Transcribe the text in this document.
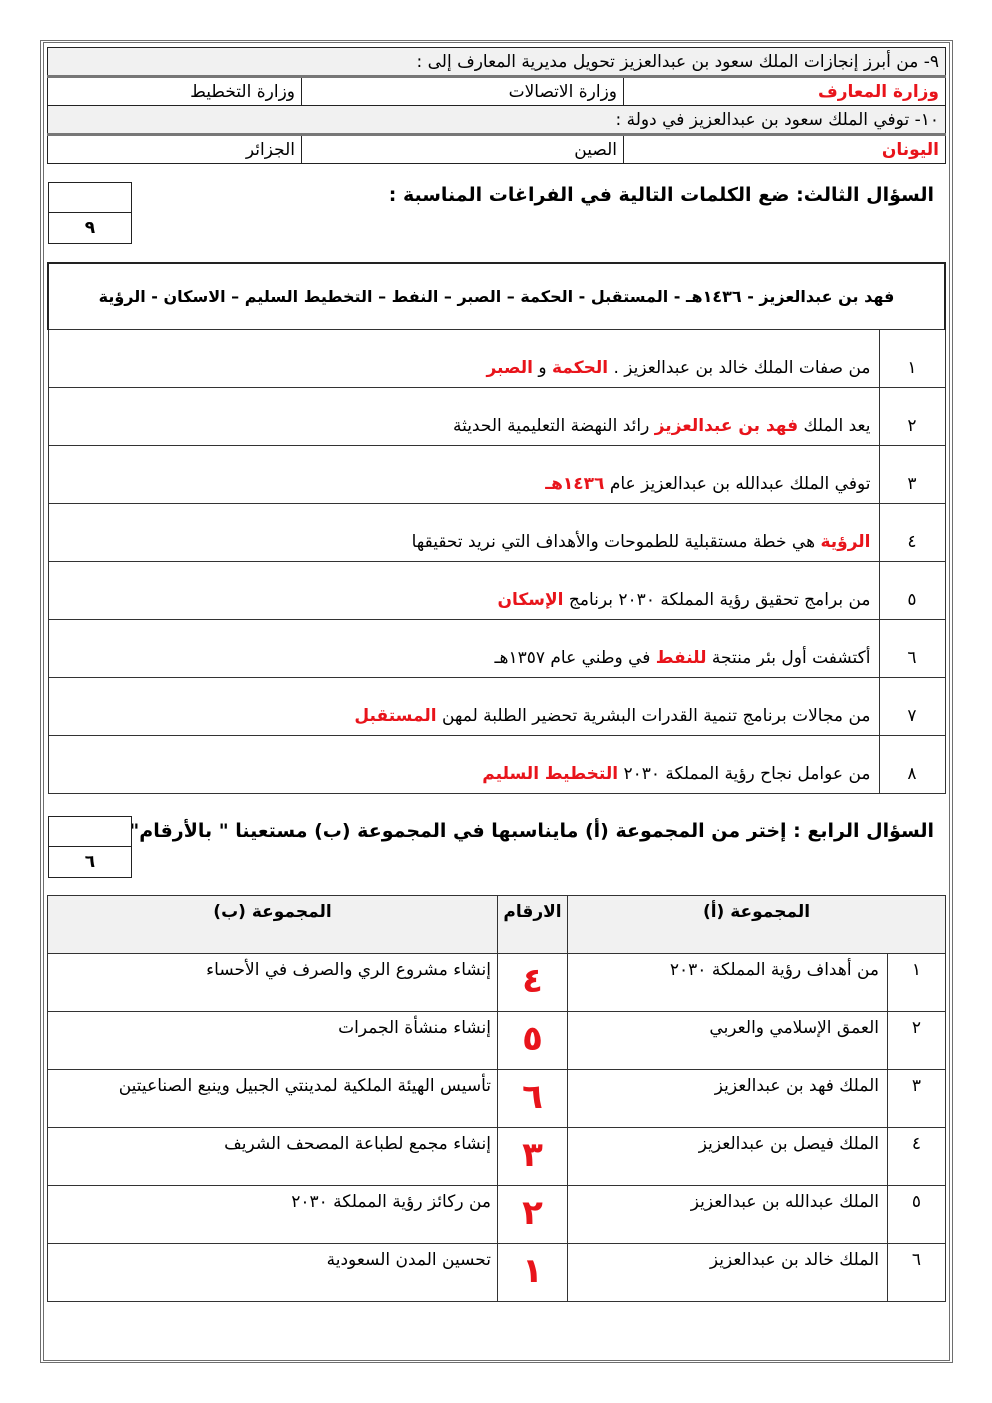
٩- من أبرز إنجازات الملك سعود بن عبدالعزيز تحويل مديرية المعارف إلى :		
وزارة المعارف	وزارة الاتصالات	وزارة التخطيط
١٠- توفي الملك سعود بن عبدالعزيز في دولة :		
اليونان	الصين	الجزائر
السؤال الثالث: ضع الكلمات التالية في الفراغات المناسبة :
٩
فهد بن عبدالعزيز - ١٤٣٦هـ - المستقبل - الحكمة – الصبر – النفط – التخطيط السليم – الاسكان - الرؤية	
١	من صفات الملك خالد بن عبدالعزيز . الحكمة و الصبر
٢	يعد الملك فهد بن عبدالعزيز رائد النهضة التعليمية الحديثة
٣	توفي الملك عبدالله بن عبدالعزيز عام ١٤٣٦هـ
٤	الرؤية هي خطة مستقبلية للطموحات والأهداف التي نريد تحقيقها
٥	من برامج تحقيق رؤية المملكة ٢٠٣٠ برنامج الإسكان
٦	أكتشفت أول بئر منتجة للنفط في وطني عام ١٣٥٧هـ
٧	من مجالات برنامج تنمية القدرات البشرية تحضير الطلبة لمهن المستقبل
٨	من عوامل نجاح رؤية المملكة ٢٠٣٠ التخطيط السليم
السؤال الرابع : إختر من المجموعة (أ) مايناسبها في المجموعة (ب) مستعينا " بالأرقام"
٦
المجموعة (أ)		الارقام	المجموعة (ب)
١	من أهداف رؤية المملكة ٢٠٣٠	٤	إنشاء مشروع الري والصرف في الأحساء
٢	العمق الإسلامي والعربي	٥	إنشاء منشأة الجمرات
٣	الملك فهد بن عبدالعزيز	٦	تأسيس الهيئة الملكية لمدينتي الجبيل وينبع الصناعيتين
٤	الملك فيصل بن عبدالعزيز	٣	إنشاء مجمع لطباعة المصحف الشريف
٥	الملك عبدالله بن عبدالعزيز	٢	من ركائز رؤية المملكة ٢٠٣٠
٦	الملك خالد بن عبدالعزيز	١	تحسين المدن السعودية
